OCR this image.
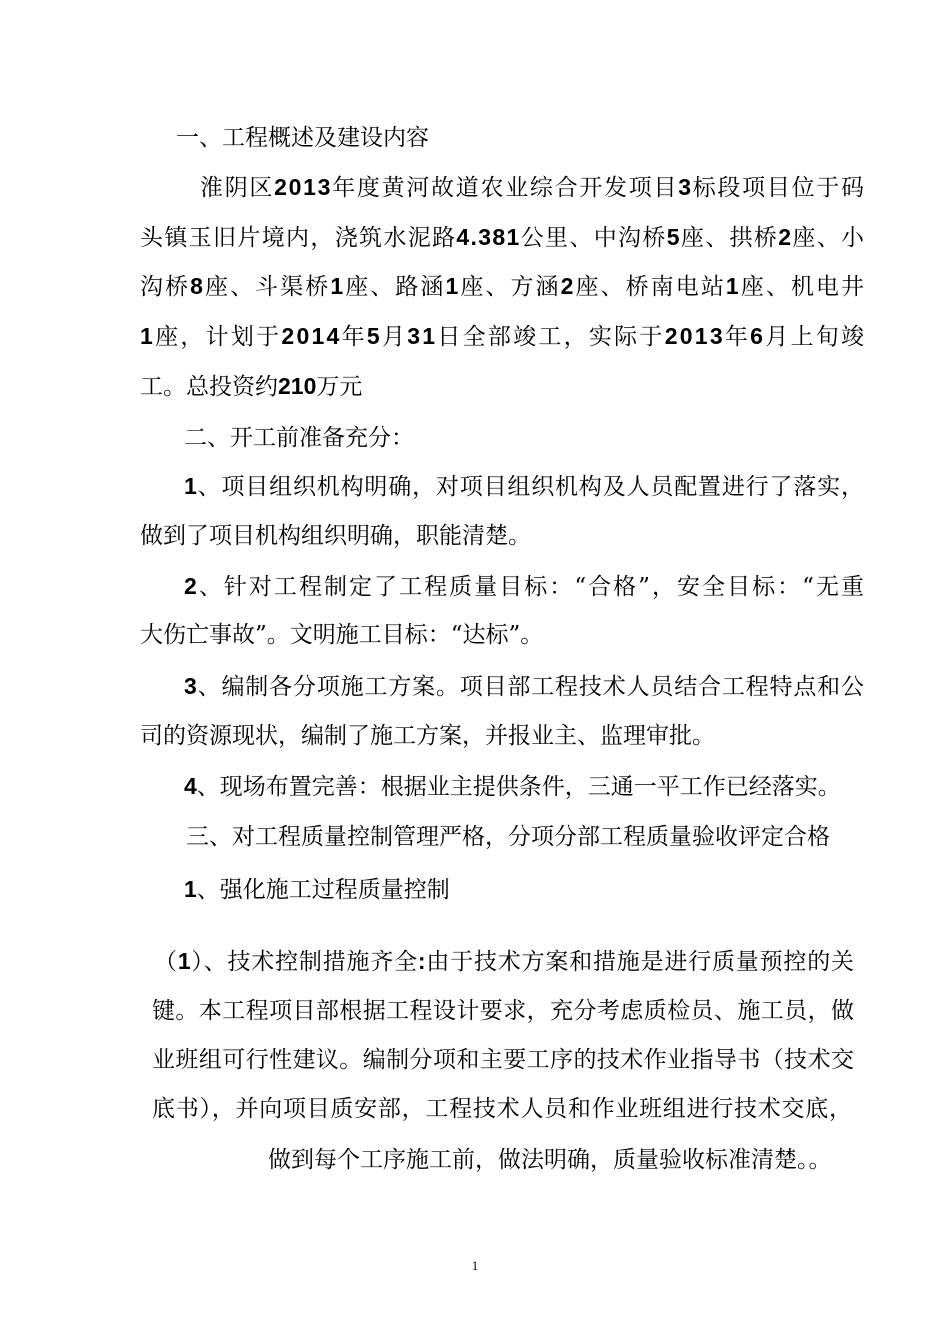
一、工程概述及建设内容

淮阴区2013年度黄河故道农业综合开发项目3标段项目位于码

头镇玉旧片境内，浇筑水泥路4.381公里、中沟桥5座、拱桥2座、小

沟桥8座、斗渠桥1座、路涵1座、方涵2座、桥南电站1座、机电井

1座，计划于2014年5月31日全部竣工，实际于2013年6月上旬竣

工。总投资约210万元

二、开工前准备充分：

1、项目组织机构明确，对项目组织机构及人员配置进行了落实，

做到了项目机构组织明确，职能清楚。

2、针对工程制定了工程质量目标：“合格”，安全目标：“无重

大伤亡事故”。文明施工目标：“达标”。

3、编制各分项施工方案。项目部工程技术人员结合工程特点和公

司的资源现状，编制了施工方案，并报业主、监理审批。

4、现场布置完善：根据业主提供条件，三通一平工作已经落实。

三、对工程质量控制管理严格，分项分部工程质量验收评定合格

1、强化施工过程质量控制

（1）、技术控制措施齐全:由于技术方案和措施是进行质量预控的关

键。本工程项目部根据工程设计要求，充分考虑质检员、施工员，做

业班组可行性建议。编制分项和主要工序的技术作业指导书（技术交

底书），并向项目质安部，工程技术人员和作业班组进行技术交底，

做到每个工序施工前，做法明确，质量验收标准清楚。。

1
